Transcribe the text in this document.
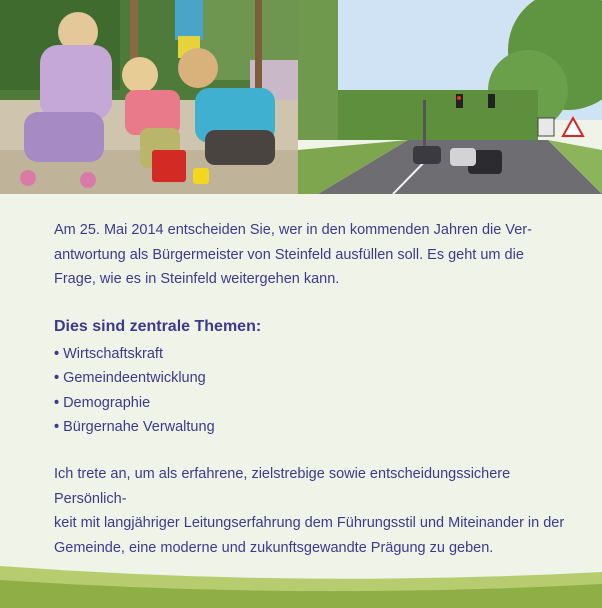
Am 25. Mai 2014 entscheiden Sie, wer in den kommenden Jahren die Ver-
antwortung als Bürgermeister von Steinfeld ausfüllen soll. Es geht um die
Frage, wie es in Steinfeld weitergehen kann.

Dies sind zentrale Themen:
• Wirtschaftskraft
• Gemeindeentwicklung
• Demographie
• Bürgernahe Verwaltung

Ich trete an, um als erfahrene, zielstrebige sowie entscheidungssichere Persönlich-
keit mit langjähriger Leitungserfahrung dem Führungsstil und Miteinander in der
Gemeinde, eine moderne und zukunftsgewandte Prägung zu geben.
